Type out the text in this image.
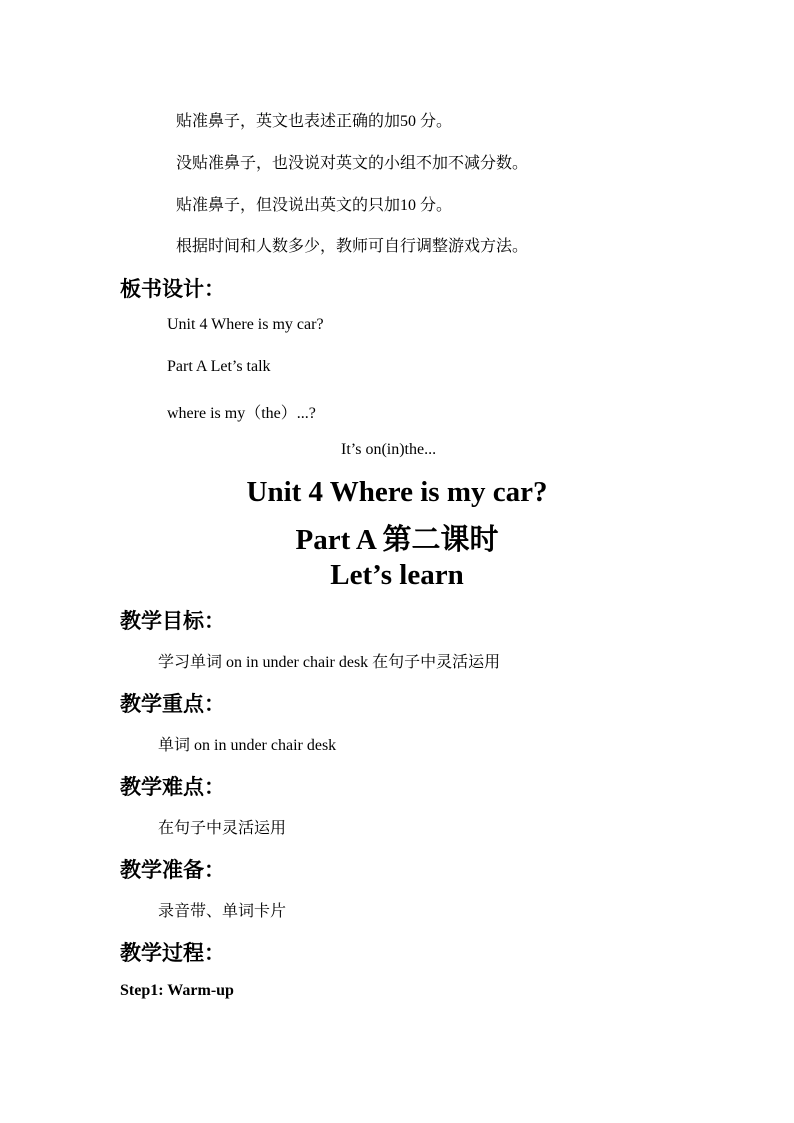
贴准鼻子，英文也表述正确的加50 分。
没贴准鼻子，也没说对英文的小组不加不减分数。
贴准鼻子，但没说出英文的只加10 分。
根据时间和人数多少，教师可自行调整游戏方法。
板书设计：
Unit 4 Where is my car?
Part A Let’s talk
where is my（the）...?
It’s on(in)the...
Unit 4 Where is my car?
Part A 第二课时
Let’s learn
教学目标：
学习单词 on in under chair desk 在句子中灵活运用
教学重点：
单词 on in under chair desk
教学难点：
在句子中灵活运用
教学准备：
录音带、单词卡片
教学过程：
Step1: Warm-up
